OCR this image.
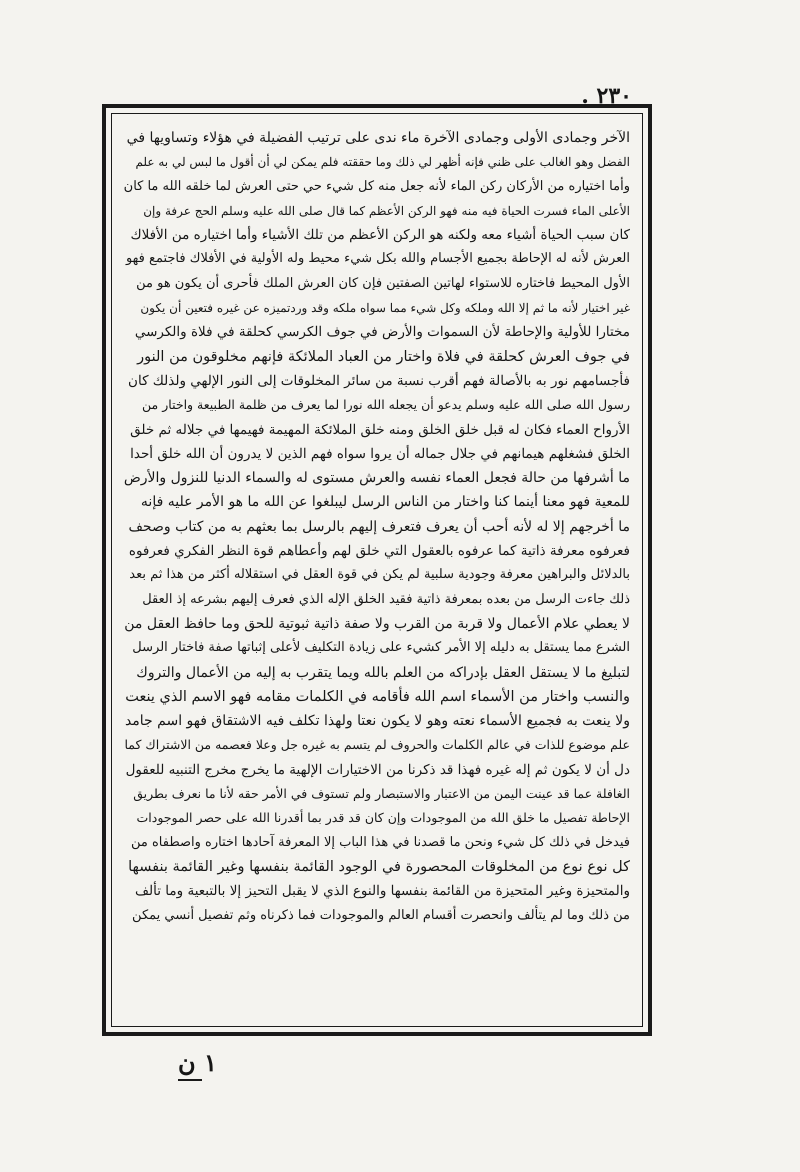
٢٣٠ .
الآخر وجمادى الأولى وجمادى الآخرة ماء ندى على ترتيب الفضيلة في هؤلاء وتساويها في
الفضل وهو الغالب على ظني فإنه أظهر لي ذلك وما حققته فلم يمكن لي أن أقول ما لبس لي به علم
وأما اختياره من الأركان ركن الماء لأنه جعل منه كل شيء حي حتى العرش لما خلقه الله ما كان
الأعلى الماء فسرت الحياة فيه منه فهو الركن الأعظم كما قال صلى الله عليه وسلم الحج عرفة وإن
كان سبب الحياة أشياء معه ولكنه هو الركن الأعظم من تلك الأشياء وأما اختياره من الأفلاك
العرش لأنه له الإحاطة بجميع الأجسام والله بكل شيء محيط وله الأولية في الأفلاك فاجتمع فهو
الأول المحيط فاختاره للاستواء لهاتين الصفتين فإن كان العرش الملك فأحرى أن يكون هو من
غير اختيار لأنه ما ثم إلا الله وملكه وكل شيء مما سواه ملكه وقد وردتميزه عن غيره فتعين أن يكون
مختارا للأولية والإحاطة لأن السموات والأرض في جوف الكرسي كحلقة في فلاة والكرسي
في جوف العرش كحلقة في فلاة واختار من العباد الملائكة فإنهم مخلوقون من النور
فأجسامهم نور به بالأصالة فهم أقرب نسبة من سائر المخلوقات إلى النور الإلهي ولذلك كان
رسول الله صلى الله عليه وسلم يدعو أن يجعله الله نورا لما يعرف من ظلمة الطبيعة واختار من
الأرواح العماء فكان له قبل خلق الخلق ومنه خلق الملائكة المهيمة فهيمها في جلاله ثم خلق
الخلق فشغلهم هيمانهم في جلال جماله أن يروا سواه فهم الذين لا يدرون أن الله خلق أحدا
ما أشرفها من حالة فجعل العماء نفسه والعرش مستوى له والسماء الدنيا للنزول والأرض
للمعية فهو معنا أينما كنا واختار من الناس الرسل ليبلغوا عن الله ما هو الأمر عليه فإنه
ما أخرجهم إلا له لأنه أحب أن يعرف فتعرف إليهم بالرسل بما بعثهم به من كتاب وصحف
فعرفوه معرفة ذاتية كما عرفوه بالعقول التي خلق لهم وأعطاهم قوة النظر الفكري فعرفوه
بالدلائل والبراهين معرفة وجودية سلبية لم يكن في قوة العقل في استقلاله أكثر من هذا ثم بعد
ذلك جاءت الرسل من بعده بمعرفة ذاتية فقيد الخلق الإله الذي فعرف إليهم بشرعه إذ العقل
لا يعطي علام الأعمال ولا قربة من القرب ولا صفة ذاتية ثبوتية للحق وما حافظ العقل من
الشرع مما يستقل به دليله إلا الأمر كشيء على زيادة التكليف لأعلى إثباتها صفة فاختار الرسل
لتبليغ ما لا يستقل العقل بإدراكه من العلم بالله ويما يتقرب به إليه من الأعمال والتروك
والنسب واختار من الأسماء اسم الله فأقامه في الكلمات مقامه فهو الاسم الذي ينعت
ولا ينعت به فجميع الأسماء نعته وهو لا يكون نعتا ولهذا تكلف فيه الاشتقاق فهو اسم جامد
علم موضوع للذات في عالم الكلمات والحروف لم يتسم به غيره جل وعلا فعصمه من الاشتراك كما
دل أن لا يكون ثم إله غيره فهذا قد ذكرنا من الاختيارات الإلهية ما يخرج مخرج التنبيه للعقول
الغافلة عما قد عينت اليمن من الاعتبار والاستبصار ولم تستوف في الأمر حقه لأنا ما نعرف بطريق
الإحاطة تفصيل ما خلق الله من الموجودات وإن كان قد قدر بما أقدرنا الله على حصر الموجودات
فيدخل في ذلك كل شيء ونحن ما قصدنا في هذا الباب إلا المعرفة آحادها اختاره واصطفاه من
كل نوع نوع من المخلوقات المحصورة في الوجود القائمة بنفسها وغير القائمة بنفسها
والمتحيزة وغير المتحيزة من القائمة بنفسها والنوع الذي لا يقبل التحيز إلا بالتبعية وما تألف
من ذلك وما لم يتألف وانحصرت أقسام العالم والموجودات فما ذكرناه وثم تفصيل أنسي يمكن
١ ن
